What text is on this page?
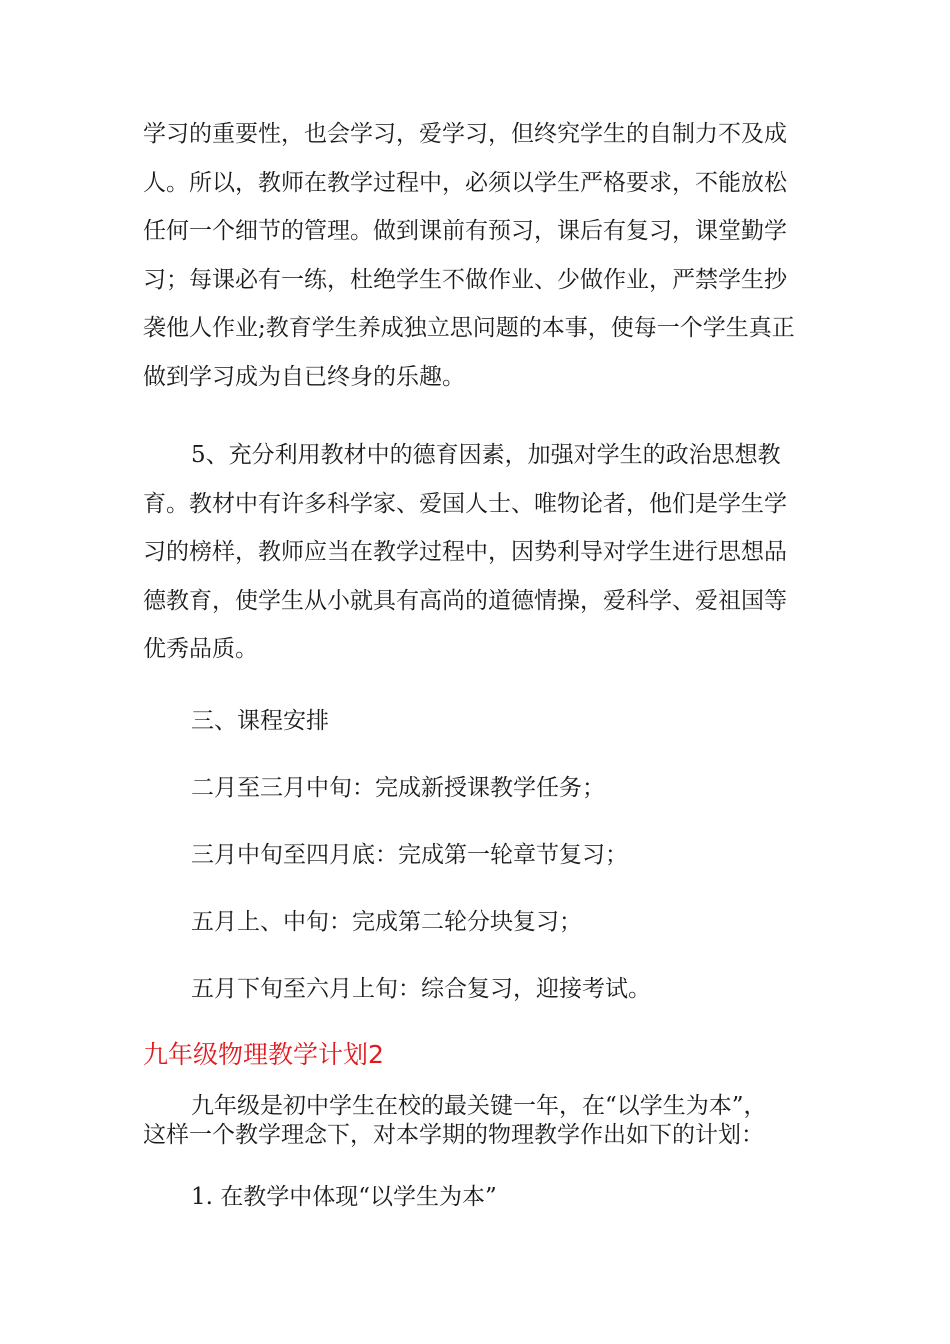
学习的重要性，也会学习，爱学习，但终究学生的自制力不及成
人。所以，教师在教学过程中，必须以学生严格要求，不能放松
任何一个细节的管理。做到课前有预习，课后有复习，课堂勤学
习；每课必有一练，杜绝学生不做作业、少做作业，严禁学生抄
袭他人作业;教育学生养成独立思问题的本事，使每一个学生真正
做到学习成为自已终身的乐趣。

5、充分利用教材中的德育因素，加强对学生的政治思想教
育。教材中有许多科学家、爱国人士、唯物论者，他们是学生学
习的榜样，教师应当在教学过程中，因势利导对学生进行思想品
德教育，使学生从小就具有高尚的道德情操，爱科学、爱祖国等
优秀品质。

三、课程安排

二月至三月中旬：完成新授课教学任务；

三月中旬至四月底：完成第一轮章节复习；

五月上、中旬：完成第二轮分块复习；

五月下旬至六月上旬：综合复习，迎接考试。

九年级物理教学计划2

九年级是初中学生在校的最关键一年，在“以学生为本”，
这样一个教学理念下，对本学期的物理教学作出如下的计划：

1. 在教学中体现“以学生为本”
